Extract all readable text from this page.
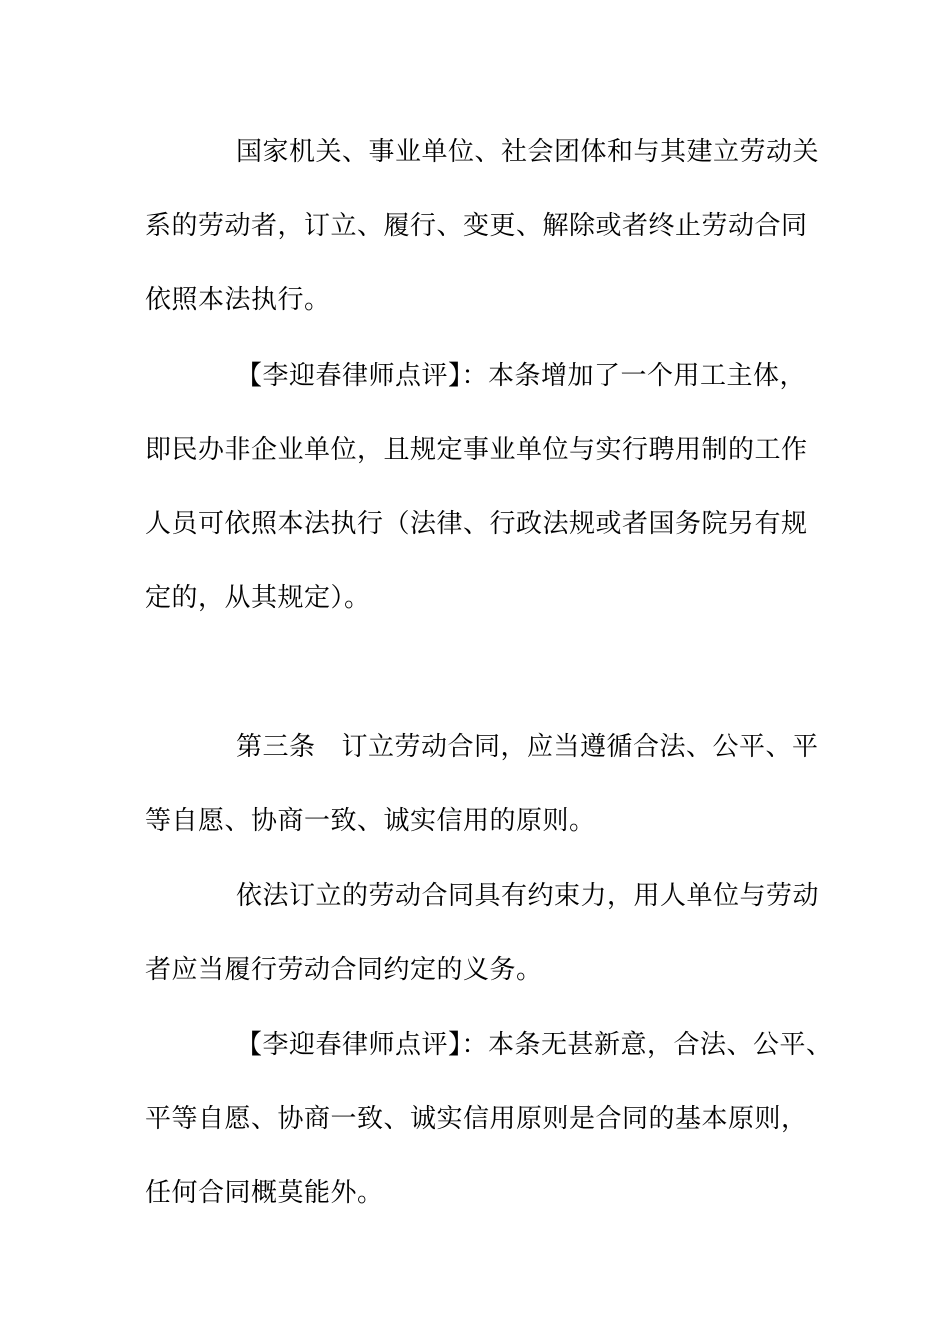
国家机关、事业单位、社会团体和与其建立劳动关
系的劳动者，订立、履行、变更、解除或者终止劳动合同
依照本法执行。
【李迎春律师点评】：本条增加了一个用工主体，
即民办非企业单位，且规定事业单位与实行聘用制的工作
人员可依照本法执行（法律、行政法规或者国务院另有规
定的，从其规定）。
第三条 订立劳动合同，应当遵循合法、公平、平
等自愿、协商一致、诚实信用的原则。
依法订立的劳动合同具有约束力，用人单位与劳动
者应当履行劳动合同约定的义务。
【李迎春律师点评】：本条无甚新意，合法、公平、
平等自愿、协商一致、诚实信用原则是合同的基本原则，
任何合同概莫能外。
